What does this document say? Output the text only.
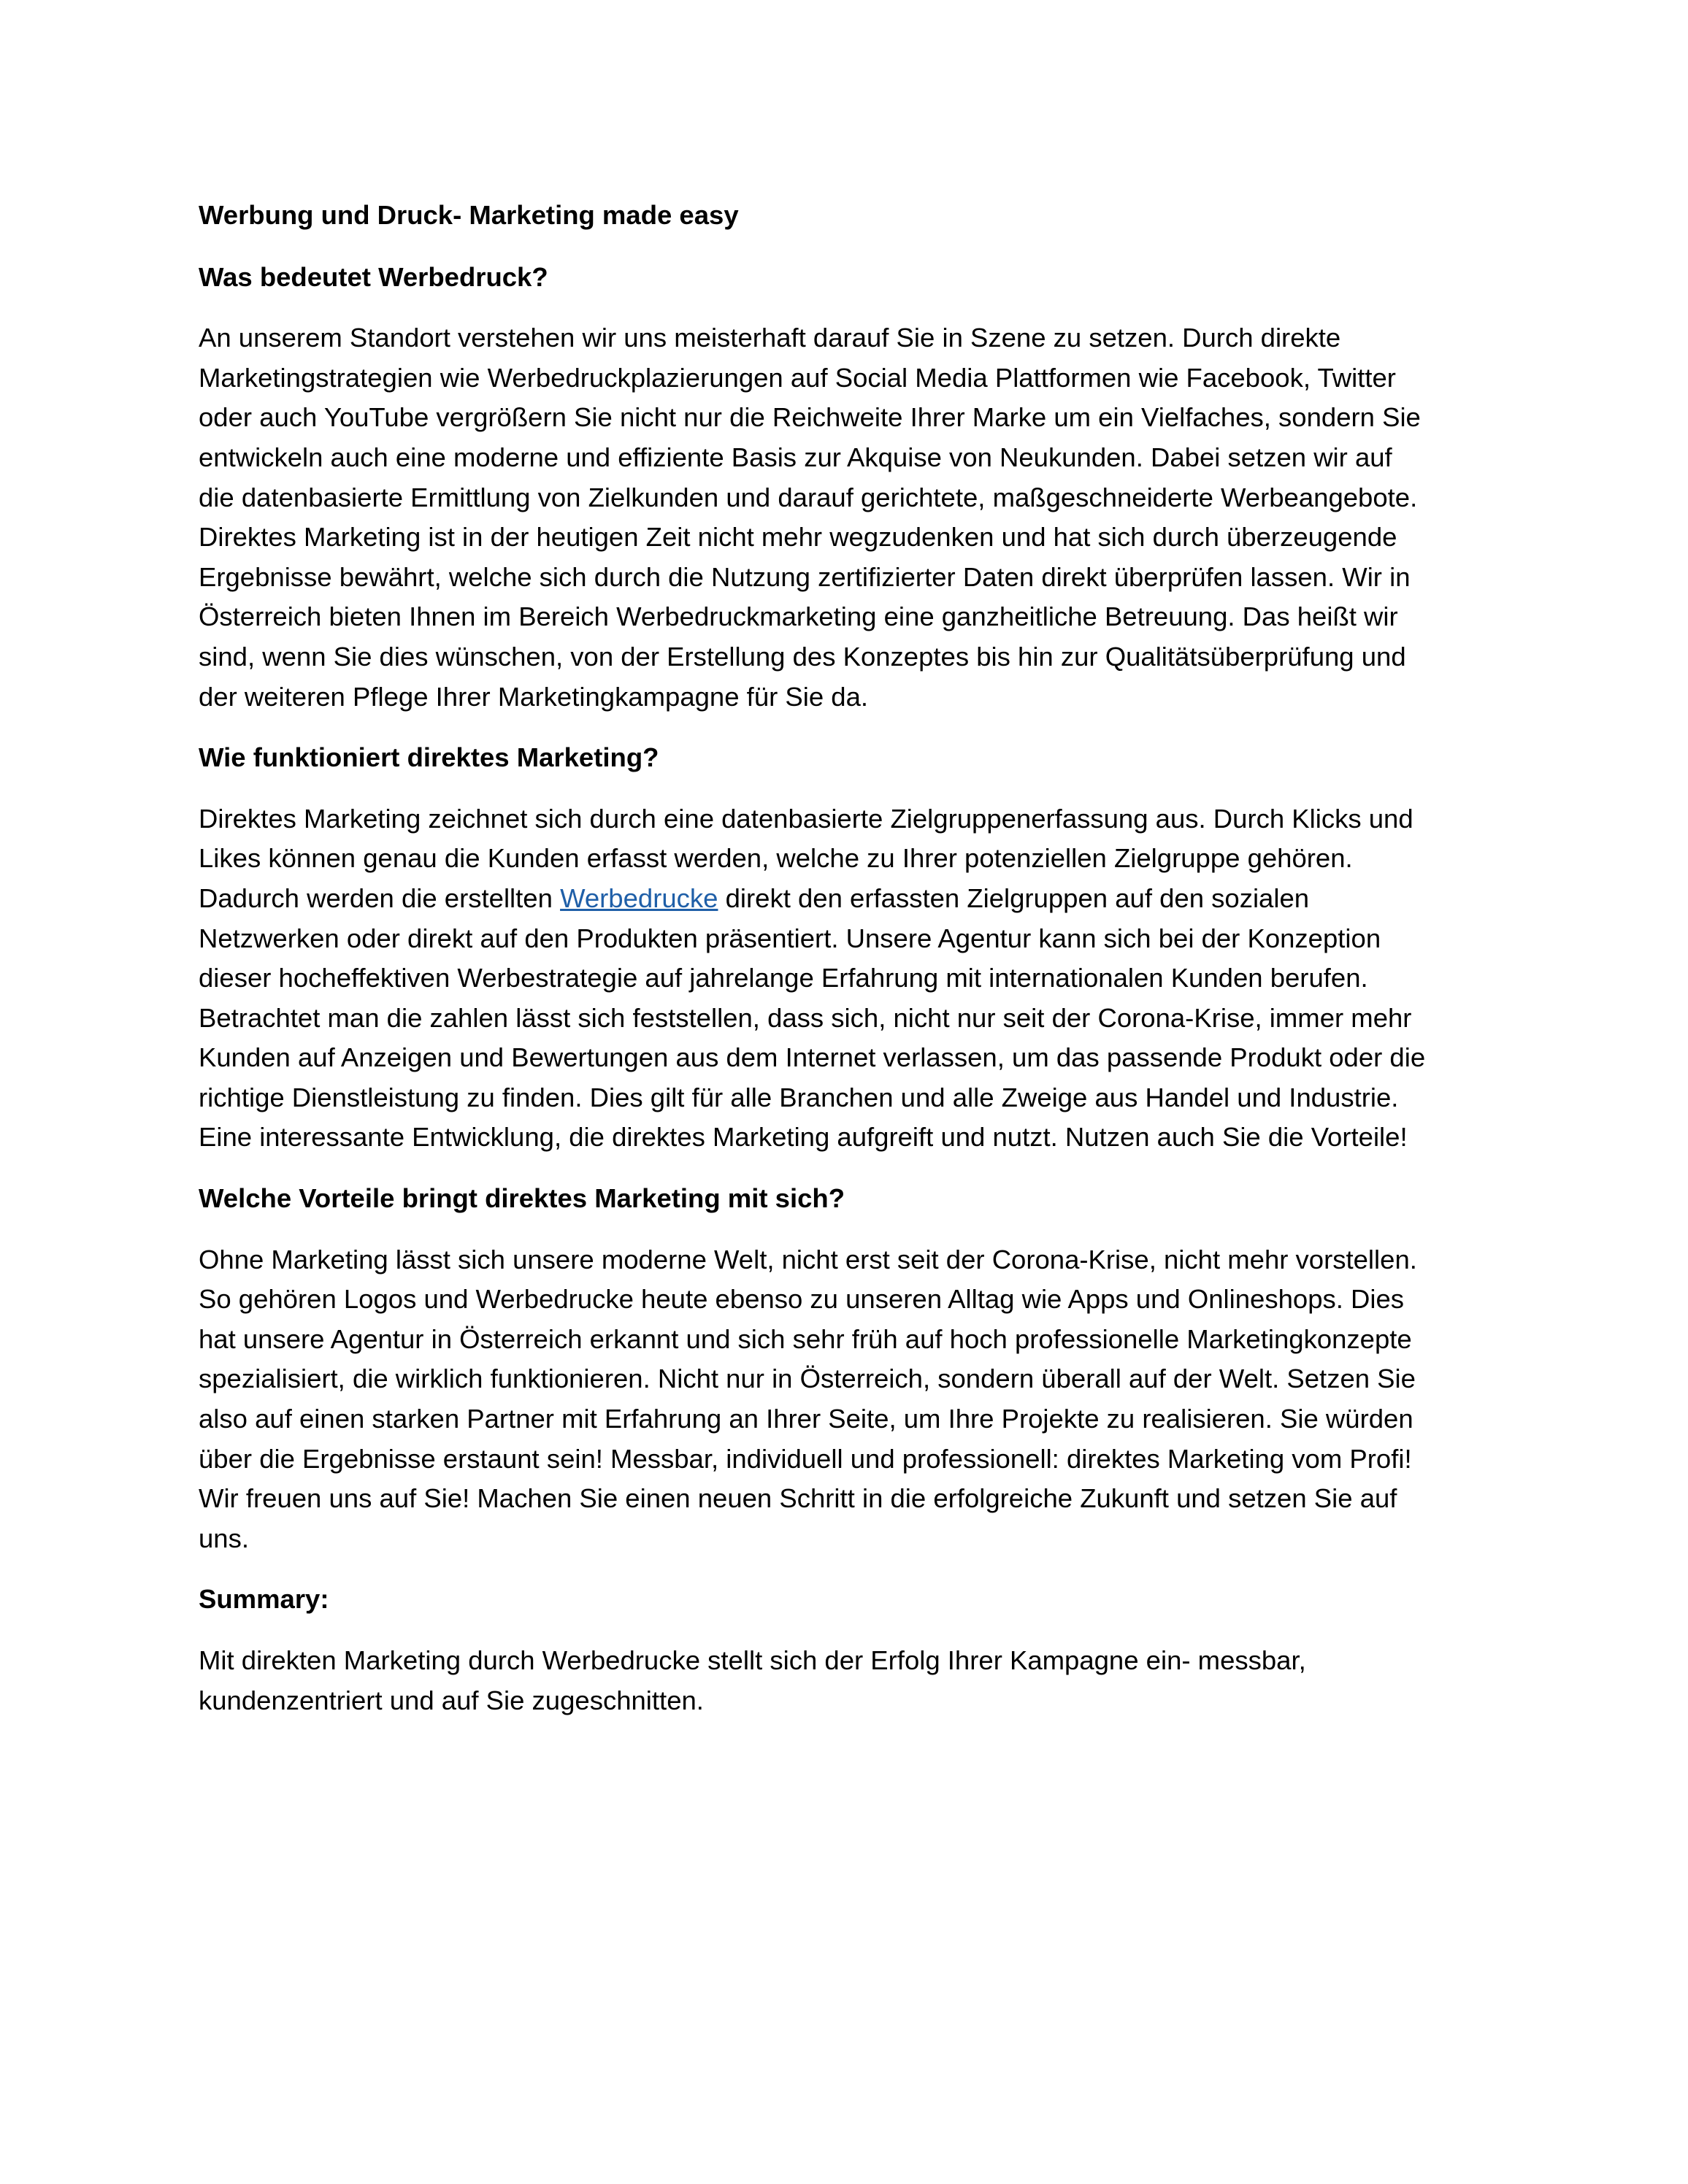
Werbung und Druck- Marketing made easy

Was bedeutet Werbedruck?

An unserem Standort verstehen wir uns meisterhaft darauf Sie in Szene zu setzen. Durch direkte

Marketingstrategien wie Werbedruckplazierungen auf Social Media Plattformen wie Facebook, Twitter

oder auch YouTube vergrößern Sie nicht nur die Reichweite Ihrer Marke um ein Vielfaches, sondern Sie

entwickeln auch eine moderne und effiziente Basis zur Akquise von Neukunden. Dabei setzen wir auf

die datenbasierte Ermittlung von Zielkunden und darauf gerichtete, maßgeschneiderte Werbeangebote.

Direktes Marketing ist in der heutigen Zeit nicht mehr wegzudenken und hat sich durch überzeugende

Ergebnisse bewährt, welche sich durch die Nutzung zertifizierter Daten direkt überprüfen lassen. Wir in

Österreich bieten Ihnen im Bereich Werbedruckmarketing eine ganzheitliche Betreuung. Das heißt wir

sind, wenn Sie dies wünschen, von der Erstellung des Konzeptes bis hin zur Qualitätsüberprüfung und

der weiteren Pflege Ihrer Marketingkampagne für Sie da.

Wie funktioniert direktes Marketing?

Direktes Marketing zeichnet sich durch eine datenbasierte Zielgruppenerfassung aus. Durch Klicks und

Likes können genau die Kunden erfasst werden, welche zu Ihrer potenziellen Zielgruppe gehören.

Dadurch werden die erstellten Werbedrucke direkt den erfassten Zielgruppen auf den sozialen

Netzwerken oder direkt auf den Produkten präsentiert. Unsere Agentur kann sich bei der Konzeption

dieser hocheffektiven Werbestrategie auf jahrelange Erfahrung mit internationalen Kunden berufen.

Betrachtet man die zahlen lässt sich feststellen, dass sich, nicht nur seit der Corona-Krise, immer mehr

Kunden auf Anzeigen und Bewertungen aus dem Internet verlassen, um das passende Produkt oder die

richtige Dienstleistung zu finden. Dies gilt für alle Branchen und alle Zweige aus Handel und Industrie.

Eine interessante Entwicklung, die direktes Marketing aufgreift und nutzt. Nutzen auch Sie die Vorteile!

Welche Vorteile bringt direktes Marketing mit sich?

Ohne Marketing lässt sich unsere moderne Welt, nicht erst seit der Corona-Krise, nicht mehr vorstellen.

So gehören Logos und Werbedrucke heute ebenso zu unseren Alltag wie Apps und Onlineshops. Dies

hat unsere Agentur in Österreich erkannt und sich sehr früh auf hoch professionelle Marketingkonzepte

spezialisiert, die wirklich funktionieren. Nicht nur in Österreich, sondern überall auf der Welt. Setzen Sie

also auf einen starken Partner mit Erfahrung an Ihrer Seite, um Ihre Projekte zu realisieren. Sie würden

über die Ergebnisse erstaunt sein! Messbar, individuell und professionell: direktes Marketing vom Profi!

Wir freuen uns auf Sie! Machen Sie einen neuen Schritt in die erfolgreiche Zukunft und setzen Sie auf

uns.

Summary:

Mit direkten Marketing durch Werbedrucke stellt sich der Erfolg Ihrer Kampagne ein- messbar,

kundenzentriert und auf Sie zugeschnitten.
